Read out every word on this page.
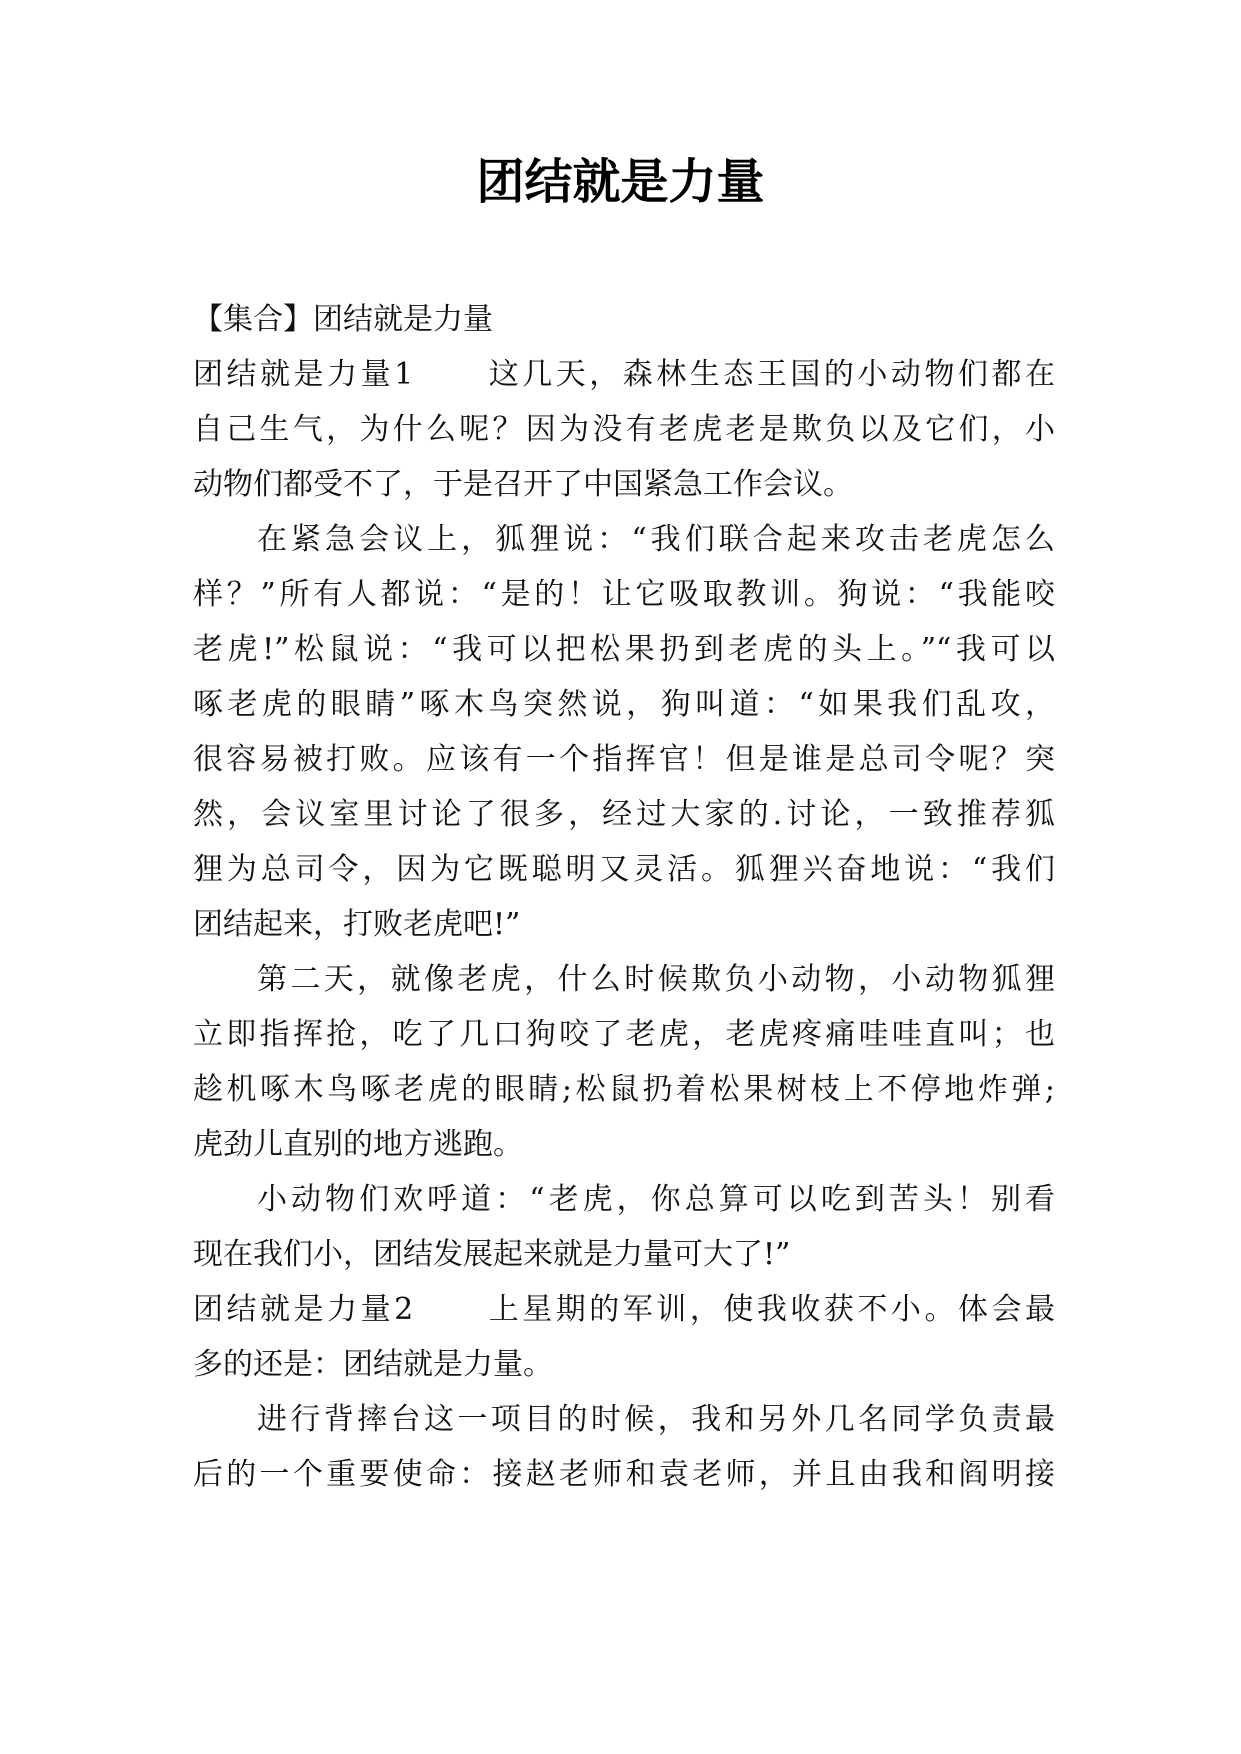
团结就是力量
【集合】团结就是力量
团结就是力量1 这几天，森林生态王国的小动物们都在
自己生气，为什么呢？因为没有老虎老是欺负以及它们，小
动物们都受不了，于是召开了中国紧急工作会议。
在紧急会议上，狐狸说：“我们联合起来攻击老虎怎么
样？”所有人都说：“是的！让它吸取教训。狗说：“我能咬
老虎!”松鼠说：“我可以把松果扔到老虎的头上。”“我可以
啄老虎的眼睛”啄木鸟突然说，狗叫道：“如果我们乱攻，
很容易被打败。应该有一个指挥官！但是谁是总司令呢？突
然，会议室里讨论了很多，经过大家的.讨论，一致推荐狐
狸为总司令，因为它既聪明又灵活。狐狸兴奋地说：“我们
团结起来，打败老虎吧!”
第二天，就像老虎，什么时候欺负小动物，小动物狐狸
立即指挥抢，吃了几口狗咬了老虎，老虎疼痛哇哇直叫；也
趁机啄木鸟啄老虎的眼睛;松鼠扔着松果树枝上不停地炸弹;
虎劲儿直别的地方逃跑。
小动物们欢呼道：“老虎，你总算可以吃到苦头！别看
现在我们小，团结发展起来就是力量可大了!”
团结就是力量2 上星期的军训，使我收获不小。体会最
多的还是：团结就是力量。
进行背摔台这一项目的时候，我和另外几名同学负责最
后的一个重要使命：接赵老师和袁老师，并且由我和阎明接
